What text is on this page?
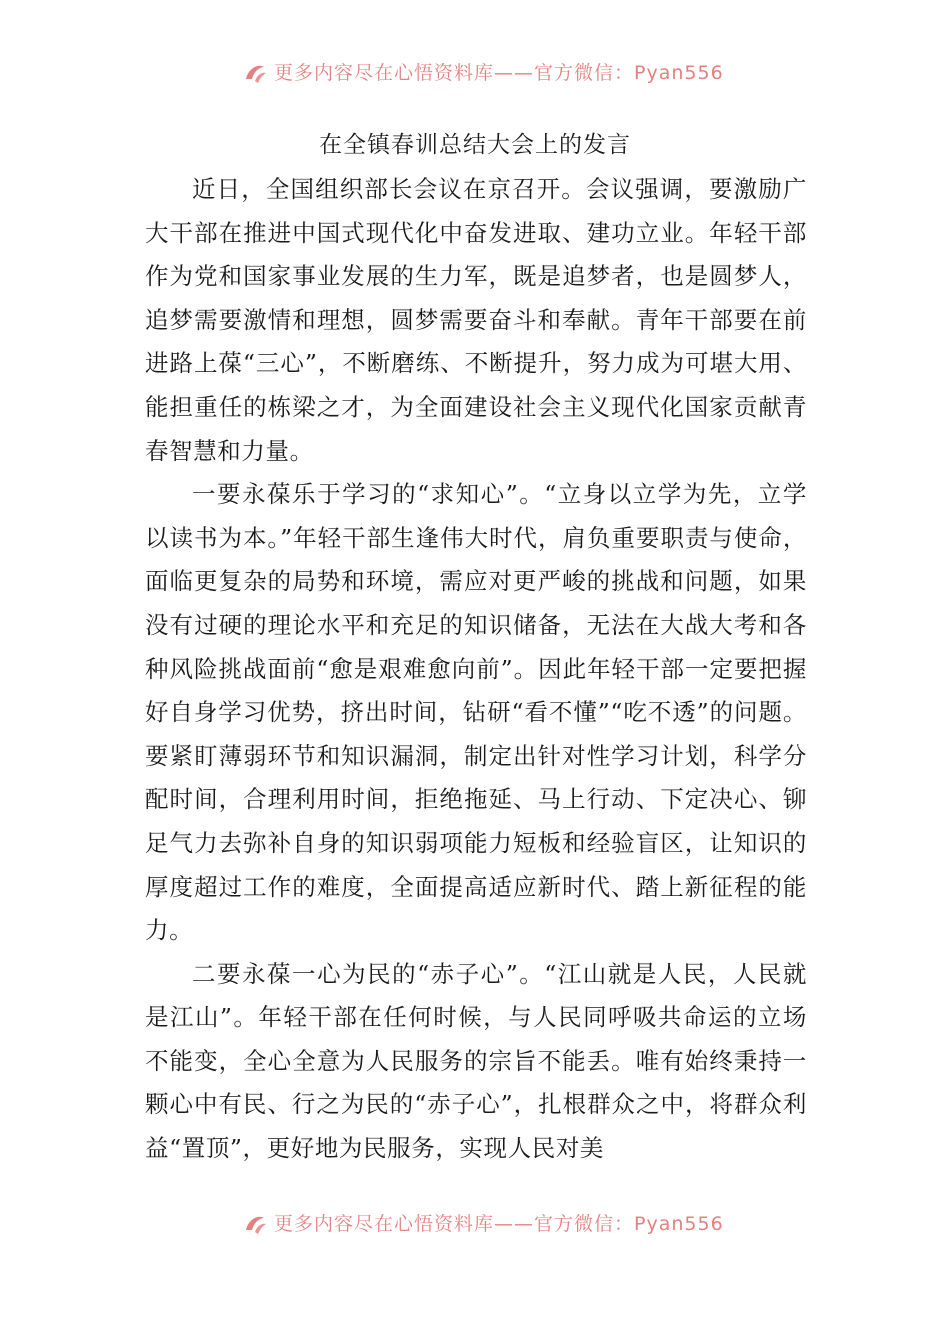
更多内容尽在心悟资料库——官方微信：Pyan556
在全镇春训总结大会上的发言

近日，全国组织部长会议在京召开。会议强调，要激励广大干部在推进中国式现代化中奋发进取、建功立业。年轻干部作为党和国家事业发展的生力军，既是追梦者，也是圆梦人，追梦需要激情和理想，圆梦需要奋斗和奉献。青年干部要在前进路上葆“三心”，不断磨练、不断提升，努力成为可堪大用、能担重任的栋梁之才，为全面建设社会主义现代化国家贡献青春智慧和力量。

一要永葆乐于学习的“求知心”。“立身以立学为先，立学以读书为本。”年轻干部生逢伟大时代，肩负重要职责与使命，面临更复杂的局势和环境，需应对更严峻的挑战和问题，如果没有过硬的理论水平和充足的知识储备，无法在大战大考和各种风险挑战面前“愈是艰难愈向前”。因此年轻干部一定要把握好自身学习优势，挤出时间，钻研“看不懂”“吃不透”的问题。要紧盯薄弱环节和知识漏洞，制定出针对性学习计划，科学分配时间，合理利用时间，拒绝拖延、马上行动、下定决心、铆足气力去弥补自身的知识弱项能力短板和经验盲区，让知识的厚度超过工作的难度，全面提高适应新时代、踏上新征程的能力。

二要永葆一心为民的“赤子心”。“江山就是人民，人民就是江山”。年轻干部在任何时候，与人民同呼吸共命运的立场不能变，全心全意为人民服务的宗旨不能丢。唯有始终秉持一颗心中有民、行之为民的“赤子心”，扎根群众之中，将群众利益“置顶”，更好地为民服务，实现人民对美

更多内容尽在心悟资料库——官方微信：Pyan556
